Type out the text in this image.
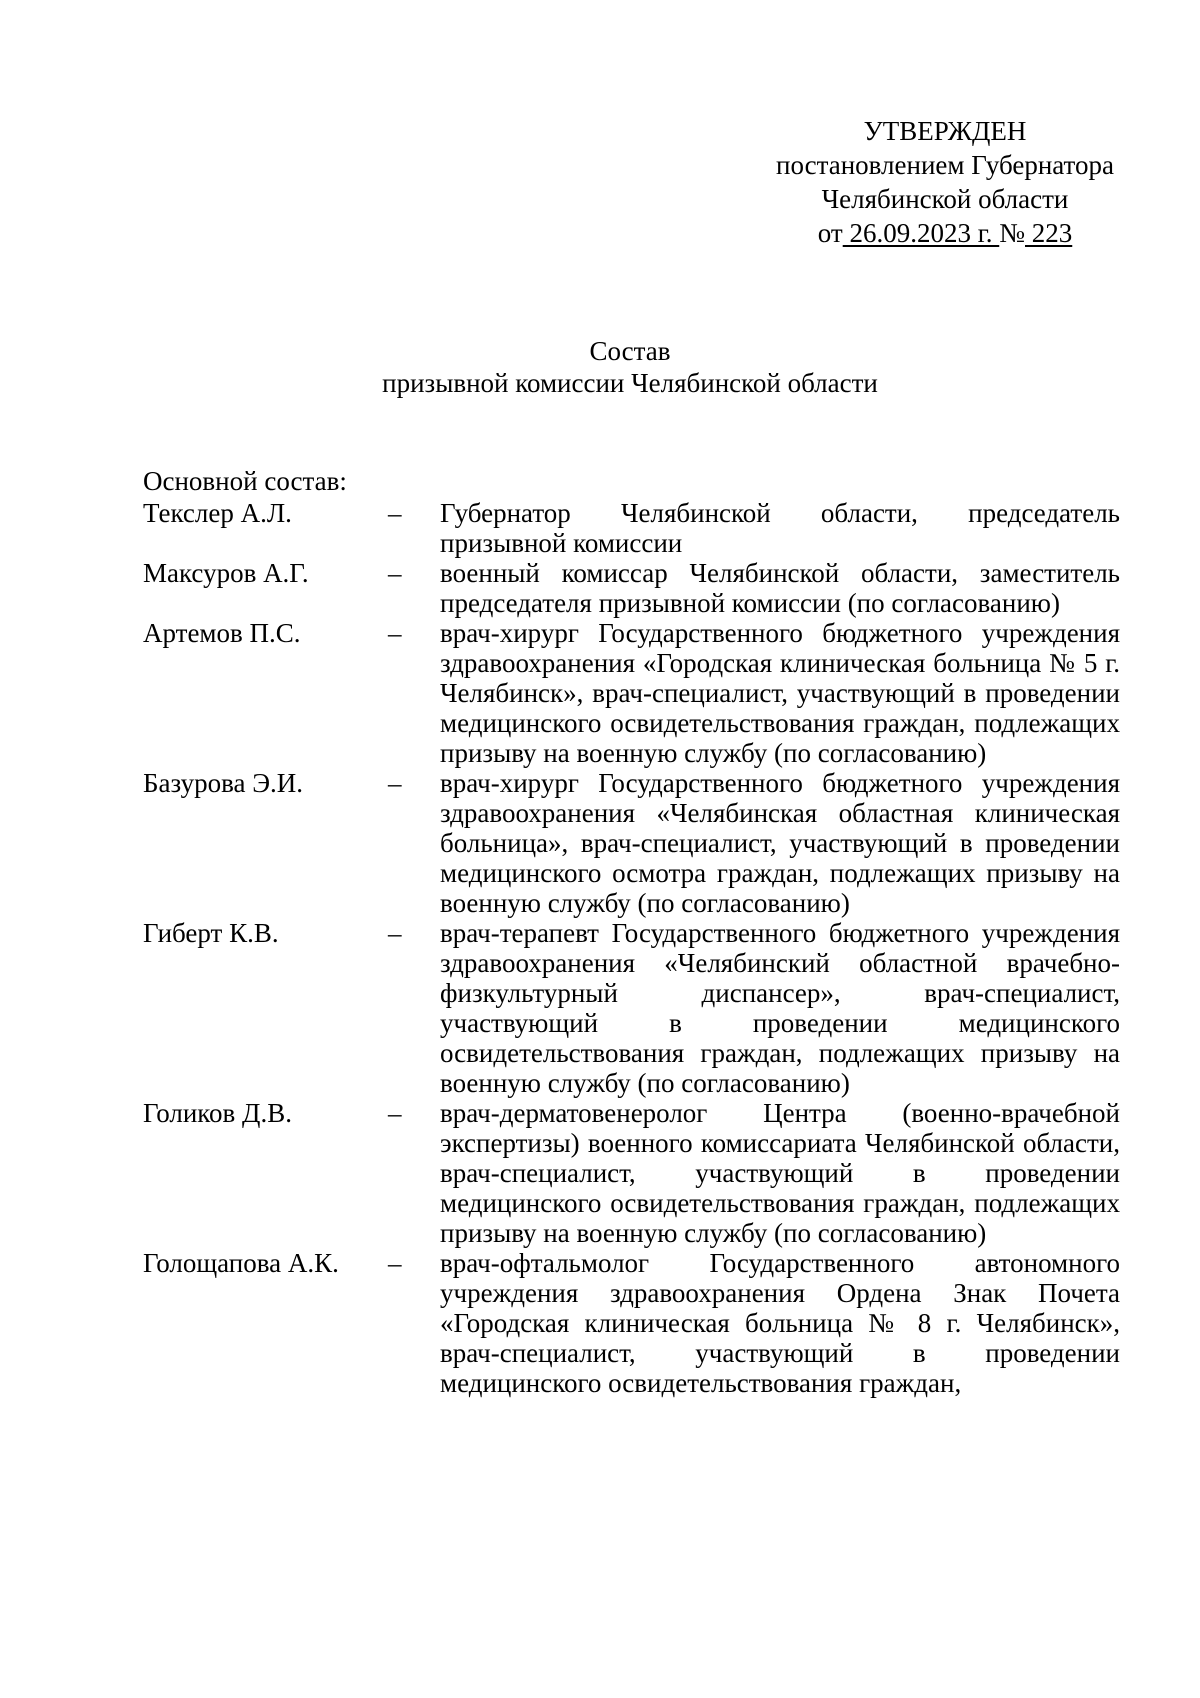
УТВЕРЖДЕН
постановлением Губернатора
Челябинской области
от 26.09.2023 г. № 223
Состав
призывной комиссии Челябинской области
Основной состав:
Текслер А.Л.	–	Губернатор Челябинской области, председатель призывной комиссии
Максуров А.Г.	–	военный комиссар Челябинской области, заместитель председателя призывной комиссии (по согласованию)
Артемов П.С.	–	врач-хирург Государственного бюджетного учреждения здравоохранения «Городская клиническая больница № 5 г. Челябинск», врач-специалист, участвующий в проведении медицинского освидетельствования граждан, подлежащих призыву на военную службу (по согласованию)
Базурова Э.И.	–	врач-хирург Государственного бюджетного учреждения здравоохранения «Челябинская областная клиническая больница», врач-специалист, участвующий в проведении медицинского осмотра граждан, подлежащих призыву на военную службу (по согласованию)
Гиберт К.В.	–	врач-терапевт Государственного бюджетного учреждения здравоохранения «Челябинский областной врачебно-физкультурный диспансер», врач-специалист, участвующий в проведении медицинского освидетельствования граждан, подлежащих призыву на военную службу (по согласованию)
Голиков Д.В.	–	врач-дерматовенеролог Центра (военно-врачебной экспертизы) военного комиссариата Челябинской области, врач-специалист, участвующий в проведении медицинского освидетельствования граждан, подлежащих призыву на военную службу (по согласованию)
Голощапова А.К.	–	врач-офтальмолог Государственного автономного учреждения здравоохранения Ордена Знак Почета «Городская клиническая больница № 8 г. Челябинск», врач-специалист, участвующий в проведении медицинского освидетельствования граждан,
